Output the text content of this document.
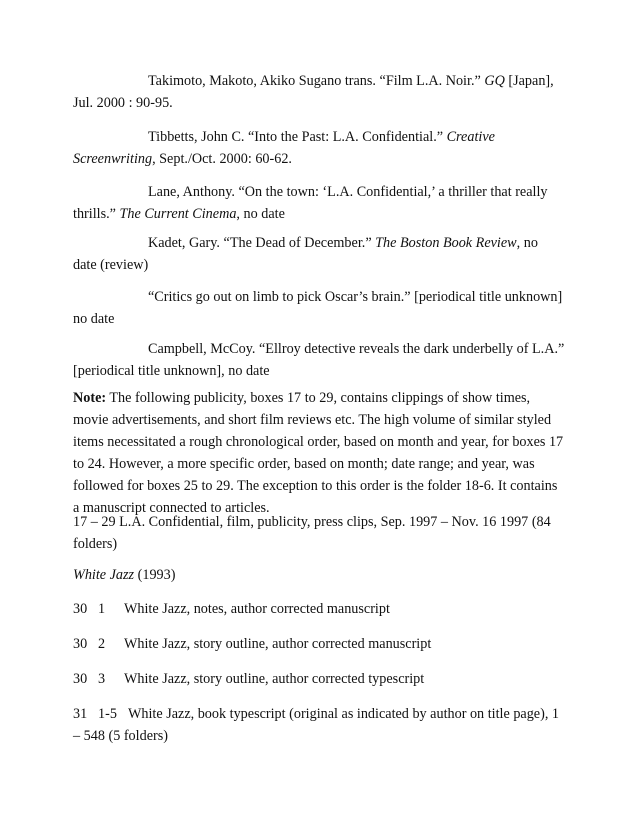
Takimoto, Makoto, Akiko Sugano trans. “Film L.A. Noir.” GQ [Japan],
Jul. 2000 : 90-95.
Tibbetts, John C. “Into the Past: L.A. Confidential.” Creative
Screenwriting, Sept./Oct. 2000: 60-62.
Lane, Anthony. “On the town: ‘L.A. Confidential,’ a thriller that really
thrills.” The Current Cinema, no date
Kadet, Gary. “The Dead of December.” The Boston Book Review, no
date (review)
“Critics go out on limb to pick Oscar’s brain.” [periodical title unknown]
no date
Campbell, McCoy. “Ellroy detective reveals the dark underbelly of L.A.”
[periodical title unknown], no date
Note: The following publicity, boxes 17 to 29, contains clippings of show times,
movie advertisements, and short film reviews etc. The high volume of similar styled
items necessitated a rough chronological order, based on month and year, for boxes 17
to 24. However, a more specific order, based on month; date range; and year, was
followed for boxes 25 to 29. The exception to this order is the folder 18-6. It contains
a manuscript connected to articles.
17 – 29 L.A. Confidential, film, publicity, press clips, Sep. 1997 – Nov. 16 1997 (84
folders)
White Jazz (1993)
30 1 White Jazz, notes, author corrected manuscript
30 2 White Jazz, story outline, author corrected manuscript
30 3 White Jazz, story outline, author corrected typescript
31 1-5 White Jazz, book typescript (original as indicated by author on title page), 1
– 548 (5 folders)
